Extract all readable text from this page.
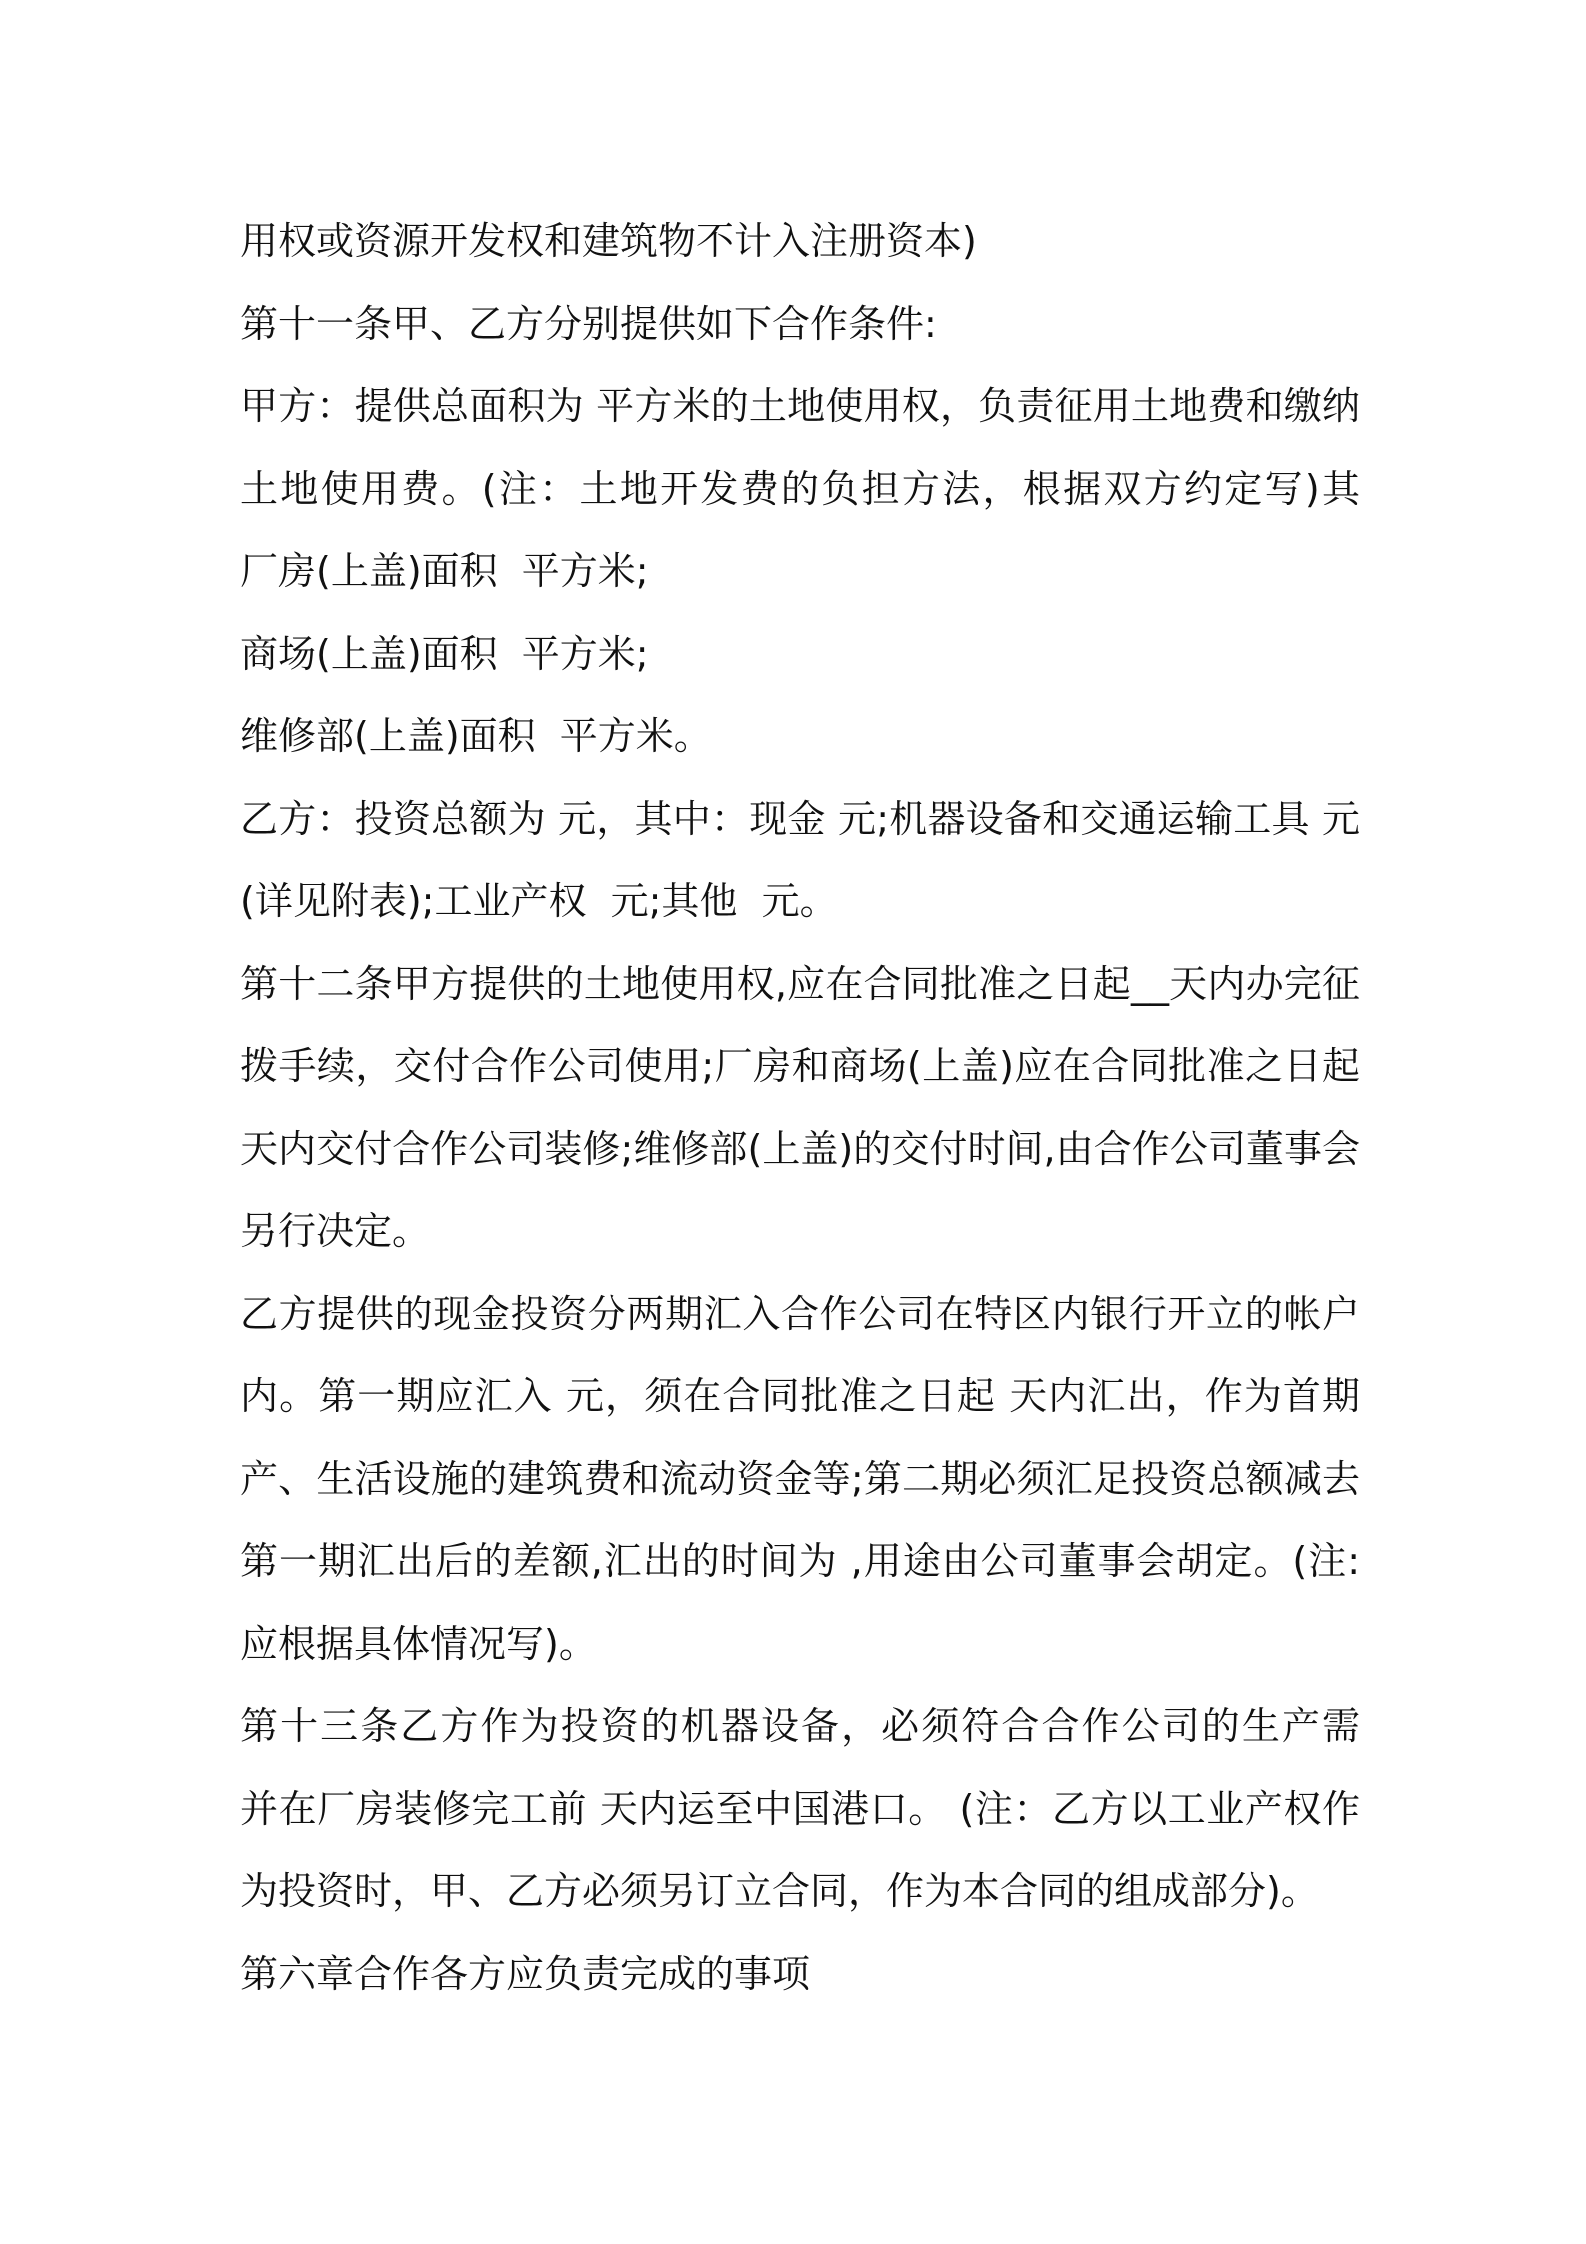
用权或资源开发权和建筑物不计入注册资本)
第十一条甲、乙方分别提供如下合作条件:
甲方：提供总面积为 平方米的土地使用权，负责征用土地费和缴纳
土地使用费。(注：土地开发费的负担方法，根据双方约定写)其
厂房(上盖)面积  平方米;
商场(上盖)面积  平方米;
维修部(上盖)面积  平方米。
乙方：投资总额为 元，其中：现金 元;机器设备和交通运输工具 元
(详见附表);工业产权  元;其他  元。
第十二条甲方提供的土地使用权,应在合同批准之日起__天内办完征
拨手续，交付合作公司使用;厂房和商场(上盖)应在合同批准之日起
天内交付合作公司装修;维修部(上盖)的交付时间,由合作公司董事会
另行决定。
乙方提供的现金投资分两期汇入合作公司在特区内银行开立的帐户
内。第一期应汇入 元，须在合同批准之日起 天内汇出，作为首期
产、生活设施的建筑费和流动资金等;第二期必须汇足投资总额减去
第一期汇出后的差额,汇出的时间为 ,用途由公司董事会胡定。(注:
应根据具体情况写)。
第十三条乙方作为投资的机器设备，必须符合合作公司的生产需
并在厂房装修完工前 天内运至中国港口。 (注：乙方以工业产权作
为投资时，甲、乙方必须另订立合同，作为本合同的组成部分)。
第六章合作各方应负责完成的事项
